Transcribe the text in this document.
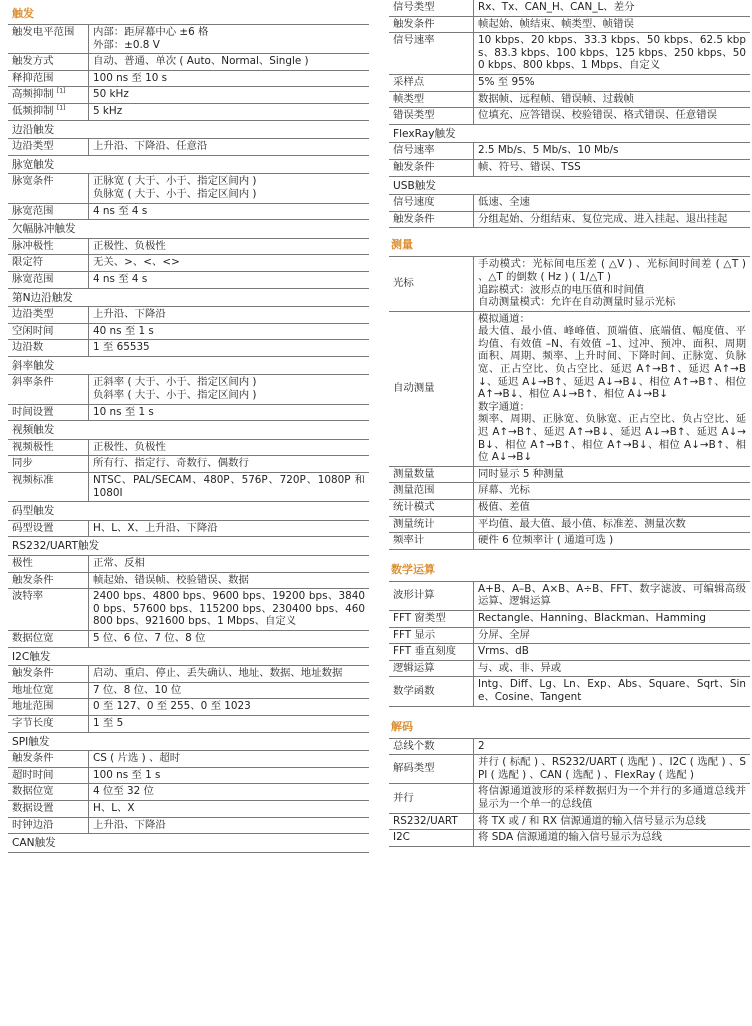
触发
触发电平范围	内部：距屏幕中心 ±6 格
外部：±0.8 V
触发方式	自动、普通、单次 ( Auto、Normal、Single )
释抑范围	100 ns 至 10 s
高频抑制 [1]	50 kHz
低频抑制 [1]	5 kHz
边沿触发	
边沿类型	上升沿、下降沿、任意沿
脉宽触发	
脉宽条件	正脉宽 ( 大于、小于、指定区间内 )
负脉宽 ( 大于、小于、指定区间内 )
脉宽范围	4 ns 至 4 s
欠幅脉冲触发	
脉冲极性	正极性、负极性
限定符	无关、>、<、<>
脉宽范围	4 ns 至 4 s
第N边沿触发	
边沿类型	上升沿、下降沿
空闲时间	40 ns 至 1 s
边沿数	1 至 65535
斜率触发	
斜率条件	正斜率 ( 大于、小于、指定区间内 )
负斜率 ( 大于、小于、指定区间内 )
时间设置	10 ns 至 1 s
视频触发	
视频极性	正极性、负极性
同步	所有行、指定行、奇数行、偶数行
视频标准	NTSC、PAL/SECAM、480P、576P、720P、1080P 和 1080I
码型触发	
码型设置	H、L、X、上升沿、下降沿
RS232/UART触发	
极性	正常、反相
触发条件	帧起始、错误帧、校验错误、数据
波特率	2400 bps、4800 bps、9600 bps、19200 bps、38400 bps、57600 bps、115200 bps、230400 bps、460800 bps、921600 bps、1 Mbps、自定义
数据位宽	5 位、6 位、7 位、8 位
I2C触发	
触发条件	启动、重启、停止、丢失确认、地址、数据、地址数据
地址位宽	7 位、8 位、10 位
地址范围	0 至 127、0 至 255、0 至 1023
字节长度	1 至 5
SPI触发	
触发条件	CS ( 片选 ) 、超时
超时时间	100 ns 至 1 s
数据位宽	4 位至 32 位
数据设置	H、L、X
时钟边沿	上升沿、下降沿
CAN触发	
信号类型	Rx、Tx、CAN_H、CAN_L、差分
触发条件	帧起始、帧结束、帧类型、帧错误
信号速率	10 kbps、20 kbps、33.3 kbps、50 kbps、62.5 kbps、83.3 kbps、100 kbps、125 kbps、250 kbps、500 kbps、800 kbps、1 Mbps、自定义
采样点	5% 至 95%
帧类型	数据帧、远程帧、错误帧、过载帧
错误类型	位填充、应答错误、校验错误、格式错误、任意错误
FlexRay触发	
信号速率	2.5 Mb/s、5 Mb/s、10 Mb/s
触发条件	帧、符号、错误、TSS
USB触发	
信号速度	低速、全速
触发条件	分组起始、分组结束、复位完成、进入挂起、退出挂起
测量
光标	手动模式：光标间电压差 ( △V ) 、光标间时间差 ( △T ) 、△T 的倒数 ( Hz ) ( 1/△T )
追踪模式：波形点的电压值和时间值
自动测量模式：允许在自动测量时显示光标
自动测量	模拟通道：
最大值、最小值、峰峰值、顶端值、底端值、幅度值、平均值、有效值 –N、有效值 –1、过冲、预冲、面积、周期面积、周期、频率、上升时间、下降时间、正脉宽、负脉宽、正占空比、负占空比、延迟 A↑→B↑、延迟 A↑→B↓、延迟 A↓→B↑、延迟 A↓→B↓、相位 A↑→B↑、相位 A↑→B↓、相位 A↓→B↑、相位 A↓→B↓
数字通道：
频率、周期、正脉宽、负脉宽、正占空比、负占空比、延迟 A↑→B↑、延迟 A↑→B↓、延迟 A↓→B↑、延迟 A↓→B↓、相位 A↑→B↑、相位 A↑→B↓、相位 A↓→B↑、相位 A↓→B↓
测量数量	同时显示 5 种测量
测量范围	屏幕、光标
统计模式	极值、差值
测量统计	平均值、最大值、最小值、标准差、测量次数
频率计	硬件 6 位频率计 ( 通道可选 )
数学运算
波形计算	A+B、A–B、A×B、A÷B、FFT、数字滤波、可编辑高级运算、逻辑运算
FFT 窗类型	Rectangle、Hanning、Blackman、Hamming
FFT 显示	分屏、全屏
FFT 垂直刻度	Vrms、dB
逻辑运算	与、或、非、异或
数学函数	Intg、Diff、Lg、Ln、Exp、Abs、Square、Sqrt、Sine、Cosine、Tangent
解码
总线个数	2
解码类型	并行 ( 标配 ) 、RS232/UART ( 选配 ) 、I2C ( 选配 ) 、SPI ( 选配 ) 、CAN ( 选配 ) 、FlexRay ( 选配 )
并行	将信源通道波形的采样数据归为一个并行的多通道总线并显示为一个单一的总线值
RS232/UART	将 TX 或 / 和 RX 信源通道的输入信号显示为总线
I2C	将 SDA 信源通道的输入信号显示为总线
